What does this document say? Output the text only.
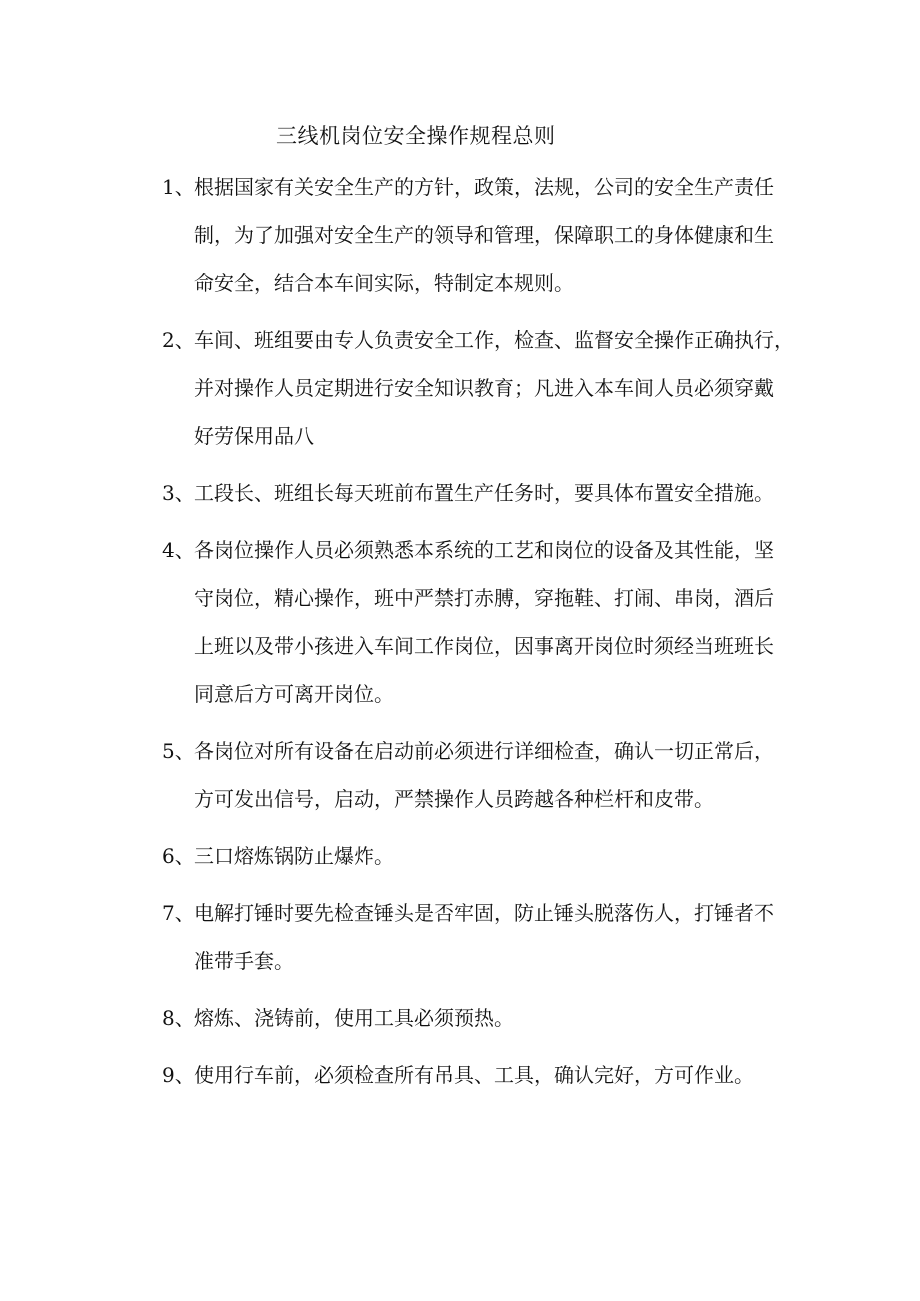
三线机岗位安全操作规程总则
1、 根据国家有关安全生产的方针，政策，法规，公司的安全生产责任
制，为了加强对安全生产的领导和管理，保障职工的身体健康和生
命安全，结合本车间实际，特制定本规则。
2、 车间、班组要由专人负责安全工作，检查、监督安全操作正确执行，
并对操作人员定期进行安全知识教育；凡进入本车间人员必须穿戴
好劳保用品八
3、 工段长、班组长每天班前布置生产任务时，要具体布置安全措施。
4、 各岗位操作人员必须熟悉本系统的工艺和岗位的设备及其性能，坚
守岗位，精心操作，班中严禁打赤膊，穿拖鞋、打闹、串岗，酒后
上班以及带小孩进入车间工作岗位，因事离开岗位时须经当班班长
同意后方可离开岗位。
5、 各岗位对所有设备在启动前必须进行详细检查，确认一切正常后，
方可发出信号，启动，严禁操作人员跨越各种栏杆和皮带。
6、 三口熔炼锅防止爆炸。
7、 电解打锤时要先检查锤头是否牢固，防止锤头脱落伤人，打锤者不
准带手套。
8、 熔炼、浇铸前，使用工具必须预热。
9、 使用行车前，必须检查所有吊具、工具，确认完好，方可作业。
